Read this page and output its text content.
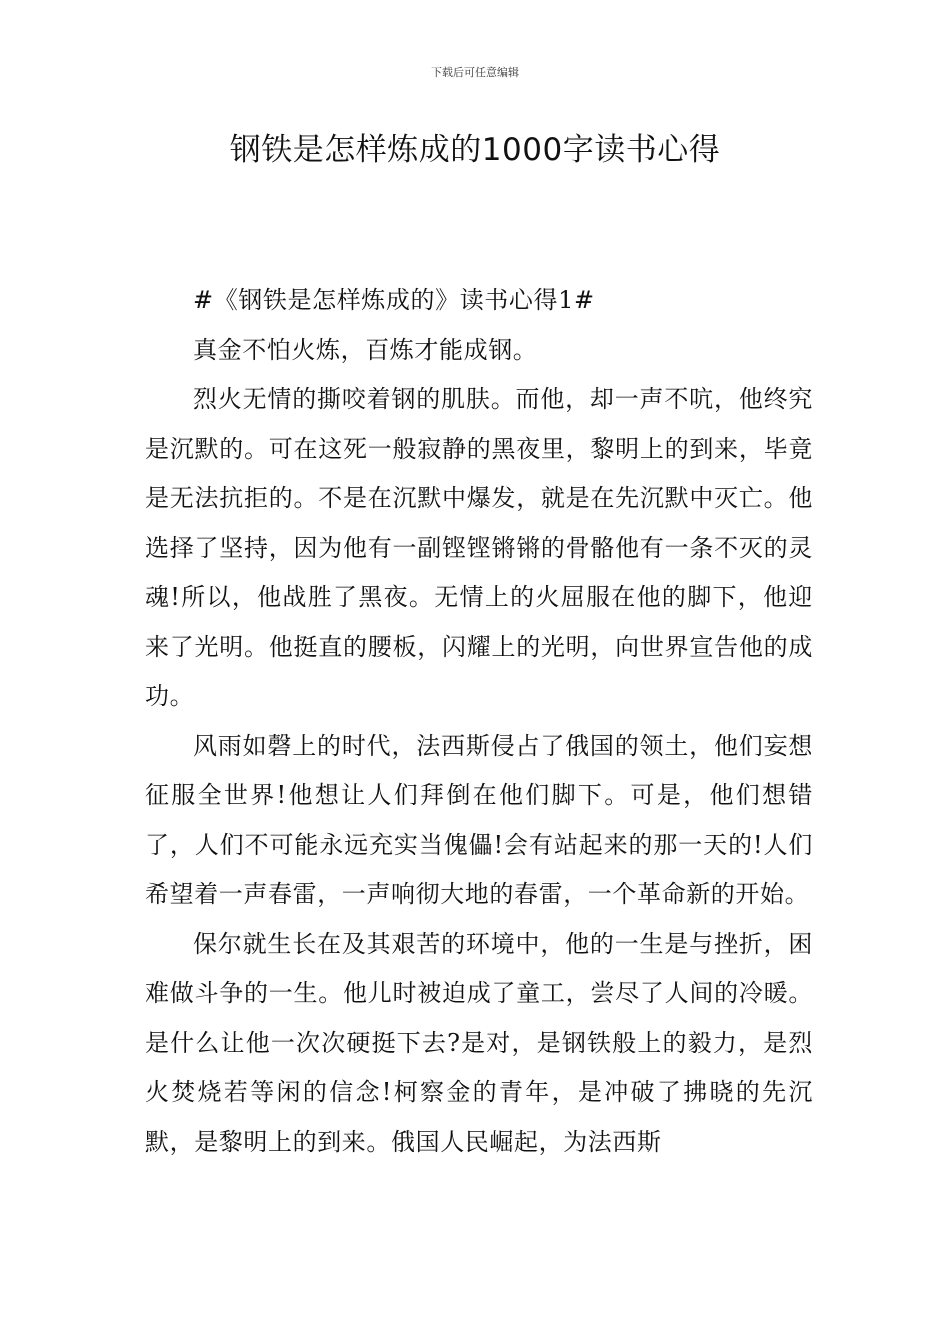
下载后可任意编辑
钢铁是怎样炼成的1000字读书心得

#《钢铁是怎样炼成的》读书心得1#

真金不怕火炼，百炼才能成钢。

烈火无情的撕咬着钢的肌肤。而他，却一声不吭，他终究是沉默的。可在这死一般寂静的黑夜里，黎明上的到来，毕竟是无法抗拒的。不是在沉默中爆发，就是在先沉默中灭亡。他选择了坚持，因为他有一副铿铿锵锵的骨骼他有一条不灭的灵魂!所以，他战胜了黑夜。无情上的火屈服在他的脚下，他迎来了光明。他挺直的腰板，闪耀上的光明，向世界宣告他的成功。

风雨如磬上的时代，法西斯侵占了俄国的领土，他们妄想征服全世界!他想让人们拜倒在他们脚下。可是，他们想错了，人们不可能永远充实当傀儡!会有站起来的那一天的!人们希望着一声春雷，一声响彻大地的春雷，一个革命新的开始。

保尔就生长在及其艰苦的环境中，他的一生是与挫折，困难做斗争的一生。他儿时被迫成了童工，尝尽了人间的冷暖。是什么让他一次次硬挺下去?是对，是钢铁般上的毅力，是烈火焚烧若等闲的信念!柯察金的青年，是冲破了拂晓的先沉默，是黎明上的到来。俄国人民崛起，为法西斯
